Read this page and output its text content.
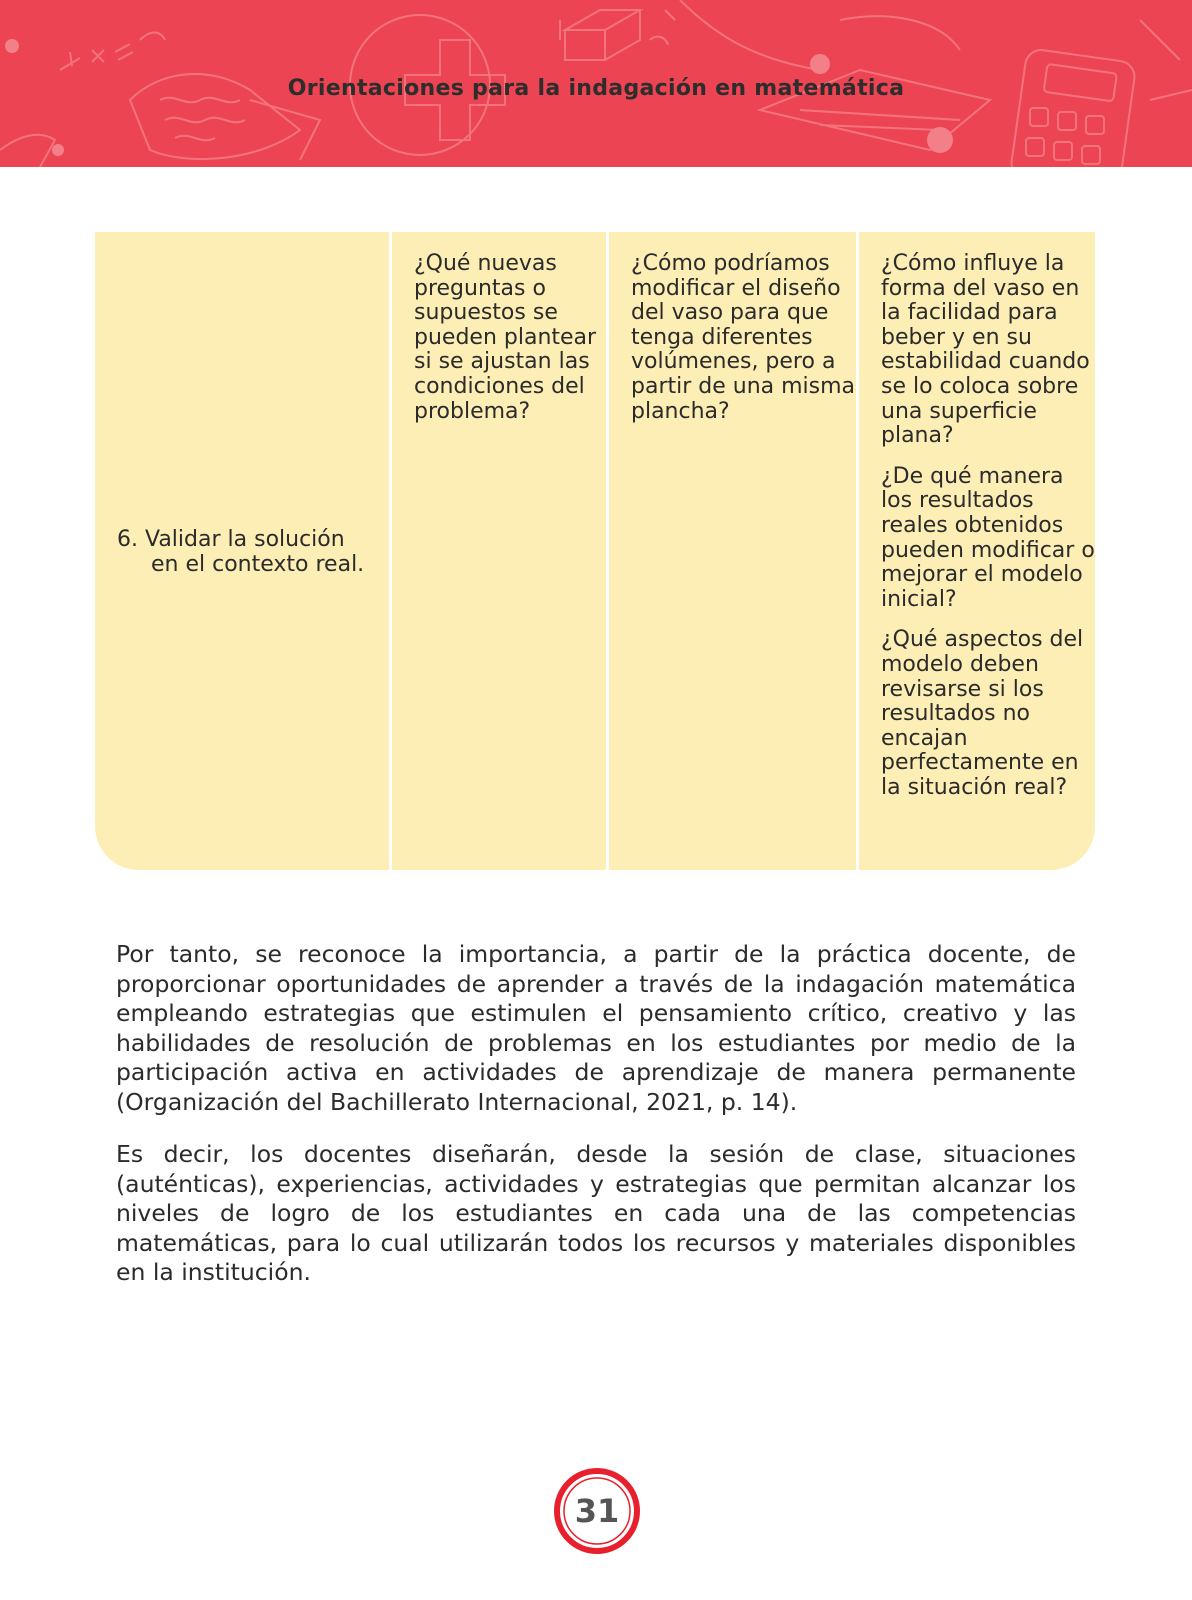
Orientaciones para la indagación en matemática
6. Validar la solución
en el contexto real.

¿Qué nuevas preguntas o supuestos se pueden plantear si se ajustan las condiciones del problema?

¿Cómo podríamos modificar el diseño del vaso para que tenga diferentes volúmenes, pero a partir de una misma plancha?

¿Cómo influye la forma del vaso en la facilidad para beber y en su estabilidad cuando se lo coloca sobre una superficie plana?

¿De qué manera los resultados reales obtenidos pueden modificar o mejorar el modelo inicial?

¿Qué aspectos del modelo deben revisarse si los resultados no encajan perfectamente en la situación real?

Por tanto, se reconoce la importancia, a partir de la práctica docente, de proporcionar oportunidades de aprender a través de la indagación matemática empleando estrategias que estimulen el pensamiento crítico, creativo y las habilidades de resolución de problemas en los estudiantes por medio de la participación activa en actividades de aprendizaje de manera permanente (Organización del Bachillerato Internacional, 2021, p. 14).

Es decir, los docentes diseñarán, desde la sesión de clase, situaciones (auténticas), experiencias, actividades y estrategias que permitan alcanzar los niveles de logro de los estudiantes en cada una de las competencias matemáticas, para lo cual utilizarán todos los recursos y materiales disponibles en la institución.

31
